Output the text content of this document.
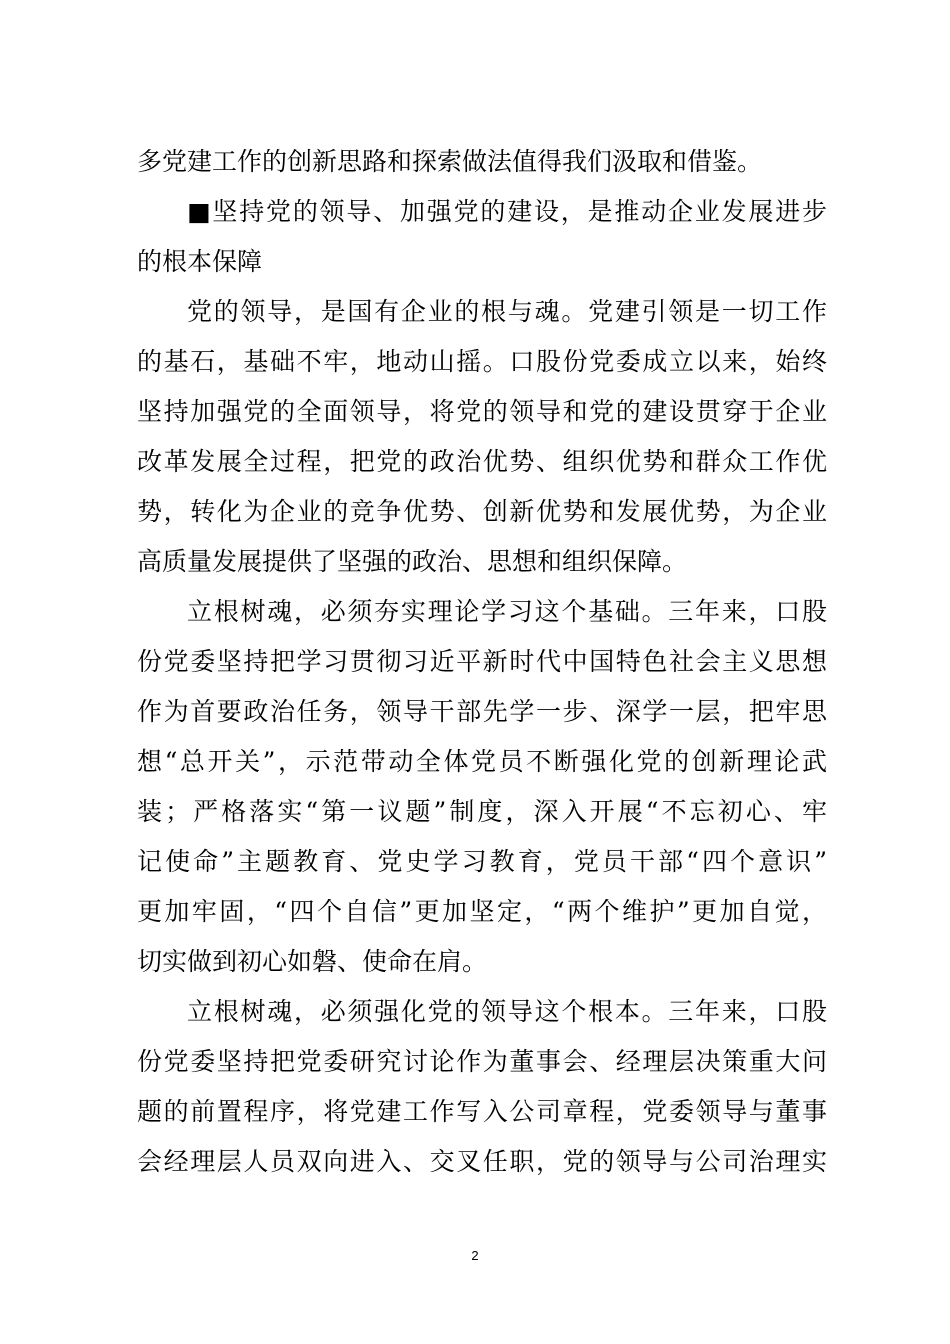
多党建工作的创新思路和探索做法值得我们汲取和借鉴。
■坚持党的领导、加强党的建设，是推动企业发展进步
的根本保障
党的领导，是国有企业的根与魂。党建引领是一切工作
的基石，基础不牢，地动山摇。口股份党委成立以来，始终
坚持加强党的全面领导，将党的领导和党的建设贯穿于企业
改革发展全过程，把党的政治优势、组织优势和群众工作优
势，转化为企业的竞争优势、创新优势和发展优势，为企业
高质量发展提供了坚强的政治、思想和组织保障。
立根树魂，必须夯实理论学习这个基础。三年来，口股
份党委坚持把学习贯彻习近平新时代中国特色社会主义思想
作为首要政治任务，领导干部先学一步、深学一层，把牢思
想“总开关”，示范带动全体党员不断强化党的创新理论武
装；严格落实“第一议题”制度，深入开展“不忘初心、牢
记使命”主题教育、党史学习教育，党员干部“四个意识”
更加牢固，“四个自信”更加坚定，“两个维护”更加自觉，
切实做到初心如磐、使命在肩。
立根树魂，必须强化党的领导这个根本。三年来，口股
份党委坚持把党委研究讨论作为董事会、经理层决策重大问
题的前置程序，将党建工作写入公司章程，党委领导与董事
会经理层人员双向进入、交叉任职，党的领导与公司治理实
2
